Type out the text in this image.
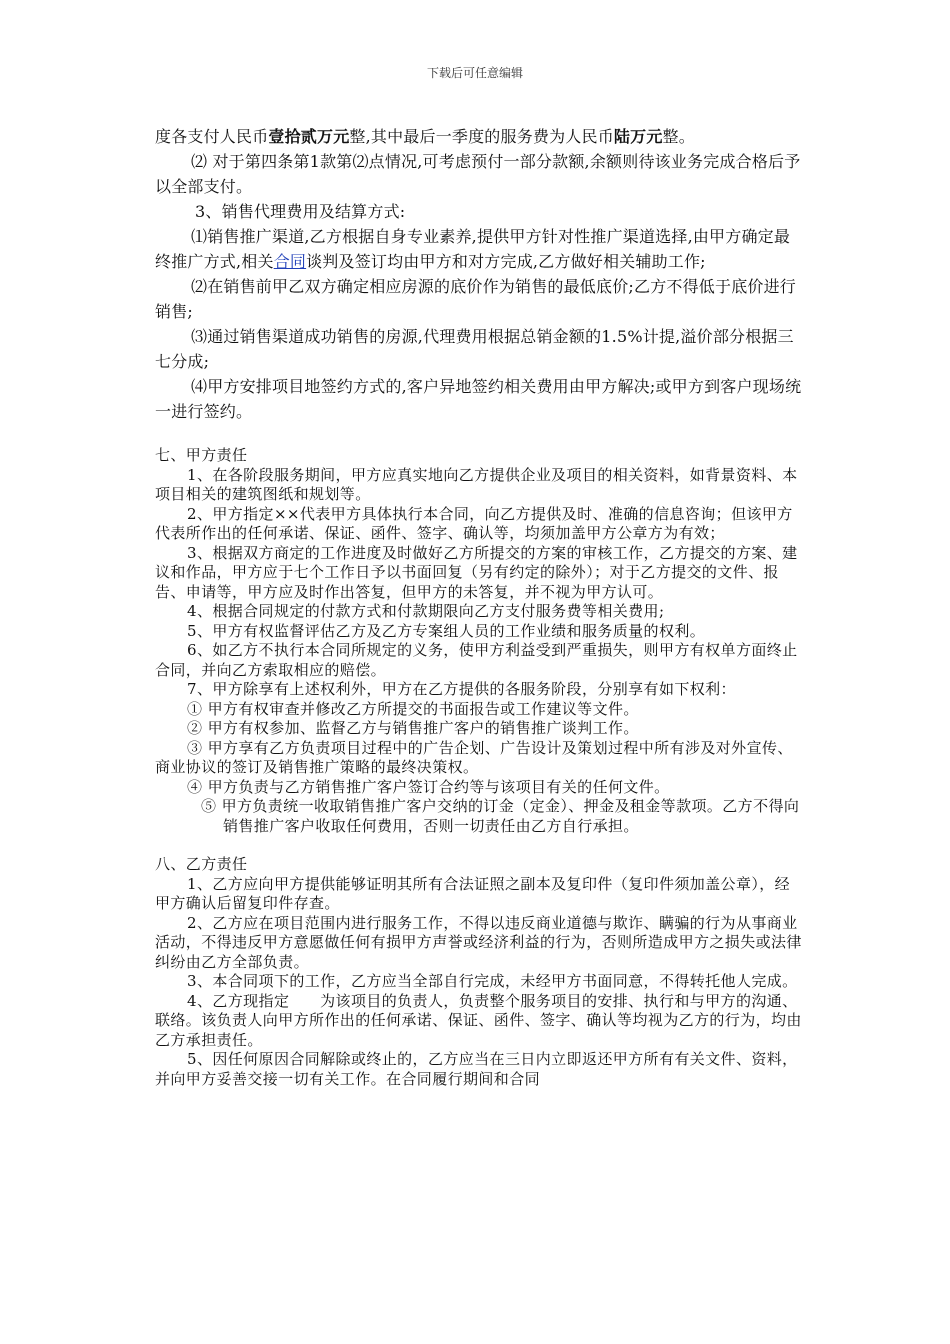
下载后可任意编辑

度各支付人民币壹拾贰万元整,其中最后一季度的服务费为人民币陆万元整。

⑵ 对于第四条第1款第⑵点情况,可考虑预付一部分款额,余额则待该业务完成合格后予以全部支付。

3、销售代理费用及结算方式:

⑴销售推广渠道,乙方根据自身专业素养,提供甲方针对性推广渠道选择,由甲方确定最终推广方式,相关合同谈判及签订均由甲方和对方完成,乙方做好相关辅助工作;

⑵在销售前甲乙双方确定相应房源的底价作为销售的最低底价;乙方不得低于底价进行销售;

⑶通过销售渠道成功销售的房源,代理费用根据总销金额的1.5%计提,溢价部分根据三七分成;

⑷甲方安排项目地签约方式的,客户异地签约相关费用由甲方解决;或甲方到客户现场统一进行签约。

七、甲方责任

1、在各阶段服务期间，甲方应真实地向乙方提供企业及项目的相关资料，如背景资料、本项目相关的建筑图纸和规划等。

2、甲方指定××代表甲方具体执行本合同，向乙方提供及时、准确的信息咨询；但该甲方代表所作出的任何承诺、保证、函件、签字、确认等，均须加盖甲方公章方为有效；

3、根据双方商定的工作进度及时做好乙方所提交的方案的审核工作，乙方提交的方案、建议和作品，甲方应于七个工作日予以书面回复（另有约定的除外）；对于乙方提交的文件、报告、申请等，甲方应及时作出答复，但甲方的未答复，并不视为甲方认可。

4、根据合同规定的付款方式和付款期限向乙方支付服务费等相关费用;

5、甲方有权监督评估乙方及乙方专案组人员的工作业绩和服务质量的权利。

6、如乙方不执行本合同所规定的义务，使甲方利益受到严重损失，则甲方有权单方面终止合同，并向乙方索取相应的赔偿。

7、甲方除享有上述权利外，甲方在乙方提供的各服务阶段，分别享有如下权利：

① 甲方有权审查并修改乙方所提交的书面报告或工作建议等文件。

② 甲方有权参加、监督乙方与销售推广客户的销售推广谈判工作。

③ 甲方享有乙方负责项目过程中的广告企划、广告设计及策划过程中所有涉及对外宣传、商业协议的签订及销售推广策略的最终决策权。

④ 甲方负责与乙方销售推广客户签订合约等与该项目有关的任何文件。

⑤ 甲方负责统一收取销售推广客户交纳的订金（定金）、押金及租金等款项。乙方不得向销售推广客户收取任何费用，否则一切责任由乙方自行承担。

八、乙方责任

1、乙方应向甲方提供能够证明其所有合法证照之副本及复印件（复印件须加盖公章），经甲方确认后留复印件存查。

2、乙方应在项目范围内进行服务工作，不得以违反商业道德与欺诈、瞒骗的行为从事商业活动，不得违反甲方意愿做任何有损甲方声誉或经济利益的行为，否则所造成甲方之损失或法律纠纷由乙方全部负责。

3、本合同项下的工作，乙方应当全部自行完成，未经甲方书面同意，不得转托他人完成。

4、乙方现指定　　为该项目的负责人，负责整个服务项目的安排、执行和与甲方的沟通、联络。该负责人向甲方所作出的任何承诺、保证、函件、签字、确认等均视为乙方的行为，均由乙方承担责任。

5、因任何原因合同解除或终止的，乙方应当在三日内立即返还甲方所有有关文件、资料，并向甲方妥善交接一切有关工作。在合同履行期间和合同
